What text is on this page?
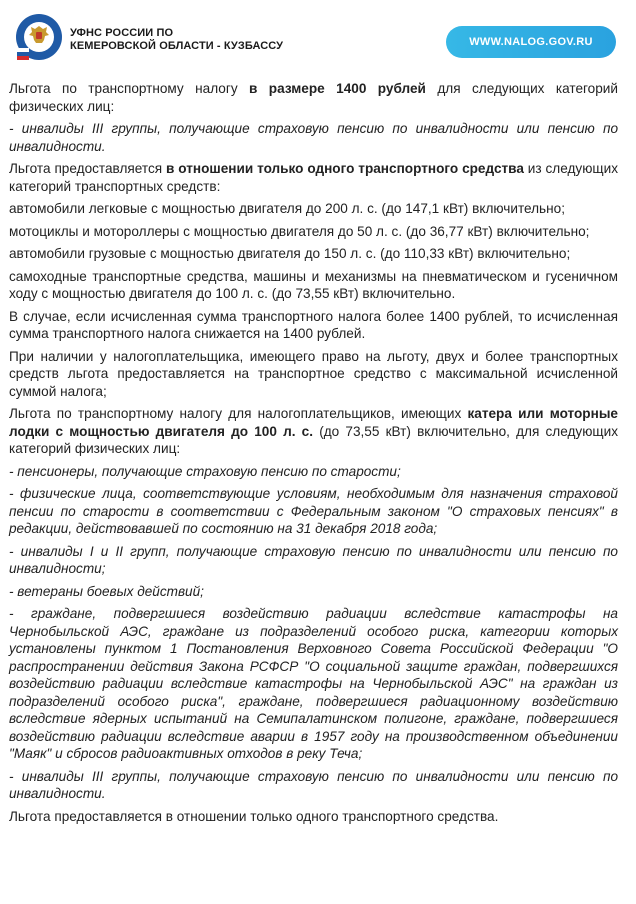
УФНС РОССИИ ПО
КЕМЕРОВСКОЙ ОБЛАСТИ - КУЗБАССУ	WWW.NALOG.GOV.RU

Льгота по транспортному налогу в размере 1400 рублей для следующих категорий физических лиц:

- инвалиды III группы, получающие страховую пенсию по инвалидности или пенсию по инвалидности.

Льгота предоставляется в отношении только одного транспортного средства из следующих категорий транспортных средств:

автомобили легковые с мощностью двигателя до 200 л. с. (до 147,1 кВт) включительно;

мотоциклы и мотороллеры с мощностью двигателя до 50 л. с. (до 36,77 кВт) включительно;

автомобили грузовые с мощностью двигателя до 150 л. с. (до 110,33 кВт) включительно;

самоходные транспортные средства, машины и механизмы на пневматическом и гусеничном ходу с мощностью двигателя до 100 л. с. (до 73,55 кВт) включительно.

В случае, если исчисленная сумма транспортного налога более 1400 рублей, то исчисленная сумма транспортного налога снижается на 1400 рублей.

При наличии у налогоплательщика, имеющего право на льготу, двух и более транспортных средств льгота предоставляется на транспортное средство с максимальной исчисленной суммой налога;

Льгота по транспортному налогу для налогоплательщиков, имеющих катера или моторные лодки с мощностью двигателя до 100 л. с. (до 73,55 кВт) включительно, для следующих категорий физических лиц:

- пенсионеры, получающие страховую пенсию по старости;

- физические лица, соответствующие условиям, необходимым для назначения страховой пенсии по старости в соответствии с Федеральным законом "О страховых пенсиях" в редакции, действовавшей по состоянию на 31 декабря 2018 года;

- инвалиды I и II групп, получающие страховую пенсию по инвалидности или пенсию по инвалидности;

- ветераны боевых действий;

- граждане, подвергшиеся воздействию радиации вследствие катастрофы на Чернобыльской АЭС, граждане из подразделений особого риска, категории которых установлены пунктом 1 Постановления Верховного Совета Российской Федерации "О распространении действия Закона РСФСР "О социальной защите граждан, подвергшихся воздействию радиации вследствие катастрофы на Чернобыльской АЭС" на граждан из подразделений особого риска", граждане, подвергшиеся радиационному воздействию вследствие ядерных испытаний на Семипалатинском полигоне, граждане, подвергшиеся воздействию радиации вследствие аварии в 1957 году на производственном объединении "Маяк" и сбросов радиоактивных отходов в реку Теча;

- инвалиды III группы, получающие страховую пенсию по инвалидности или пенсию по инвалидности.

Льгота предоставляется в отношении только одного транспортного средства.
